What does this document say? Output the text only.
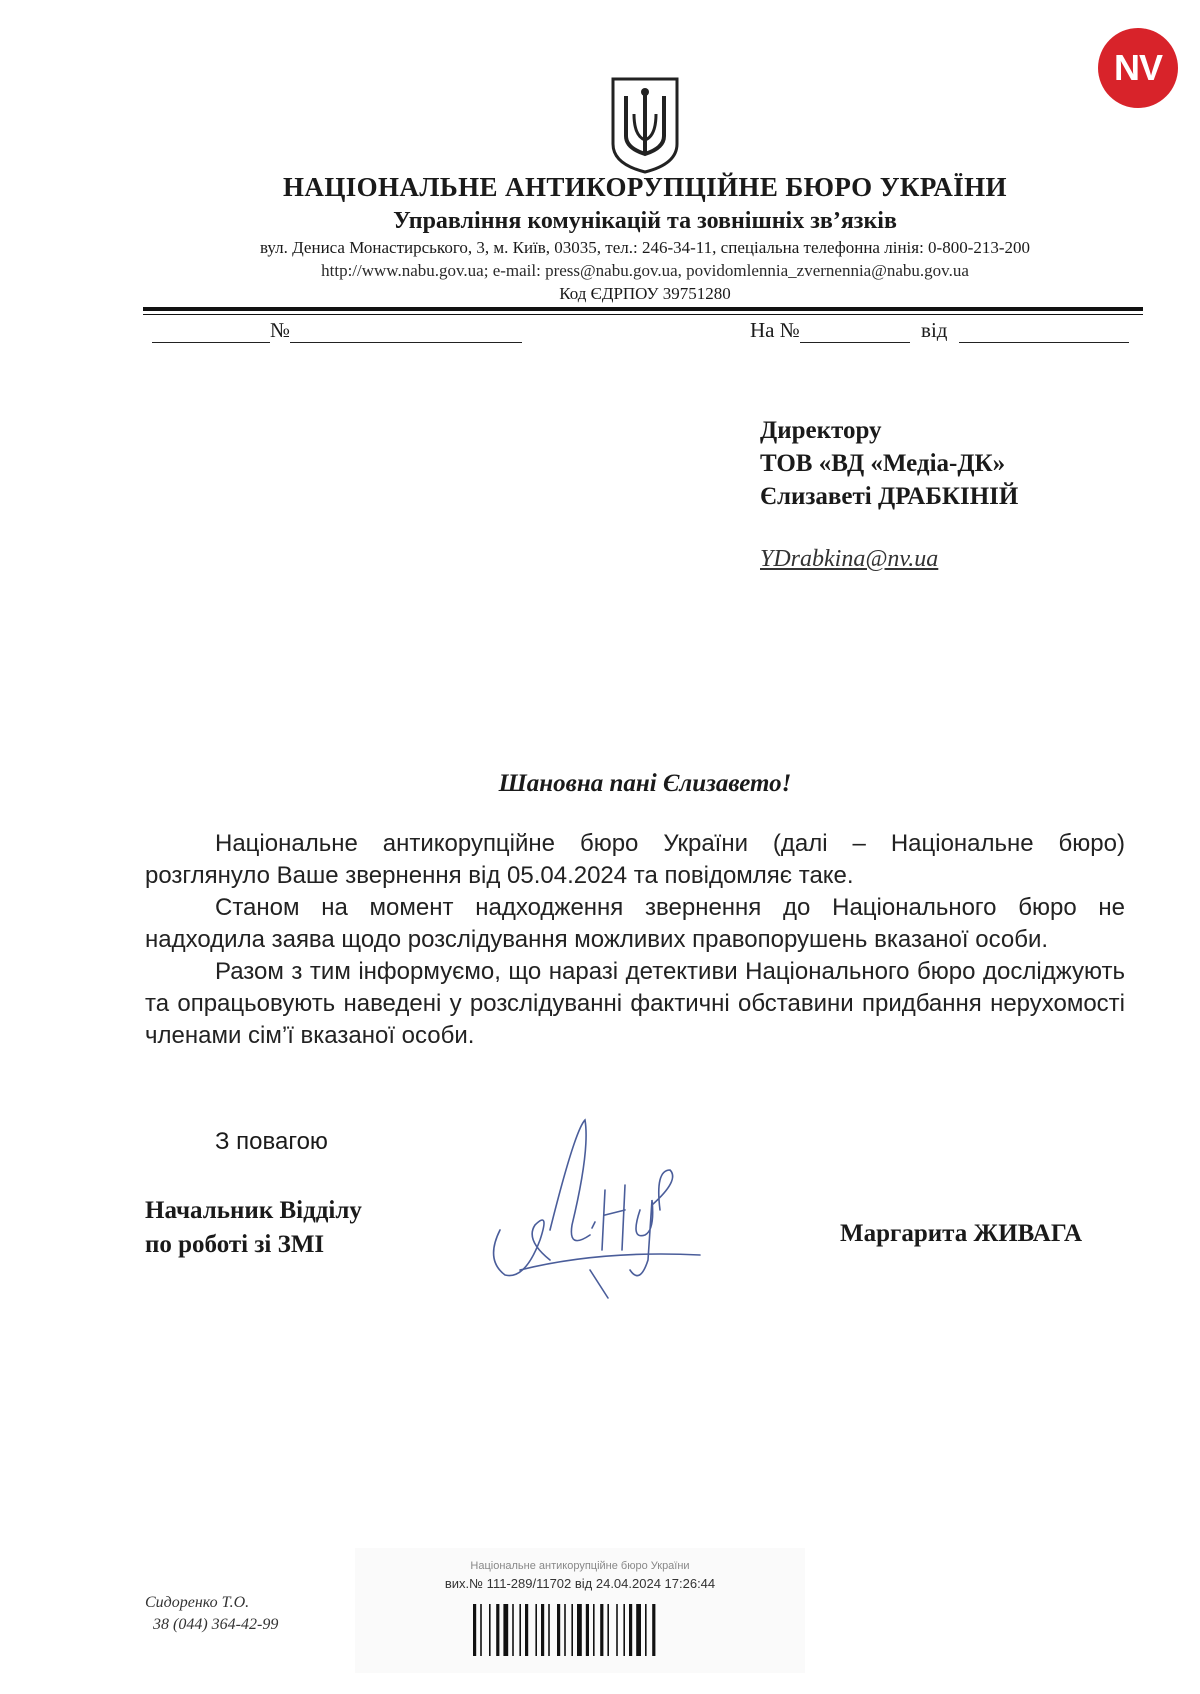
NV
НАЦІОНАЛЬНЕ АНТИКОРУПЦІЙНЕ БЮРО УКРАЇНИ
Управління комунікацій та зовнішніх зв’язків
вул. Дениса Монастирського, 3, м. Київ, 03035, тел.: 246-34-11, спеціальна телефонна лінія: 0-800-213-200
http://www.nabu.gov.ua; e-mail: press@nabu.gov.ua, povidomlennia_zvernennia@nabu.gov.ua
Код ЄДРПОУ 39751280
№	На №	від
Директору
ТОВ «ВД «Медіа-ДК»
Єлизаветі ДРАБКІНІЙ
YDrabkina@nv.ua
Шановна пані Єлизавето!

Національне антикорупційне бюро України (далі – Національне бюро) розглянуло Ваше звернення від 05.04.2024 та повідомляє таке.

Станом на момент надходження звернення до Національного бюро не надходила заява щодо розслідування можливих правопорушень вказаної особи.

Разом з тим інформуємо, що наразі детективи Національного бюро досліджують та опрацьовують наведені у розслідуванні фактичні обставини придбання нерухомості членами сім’ї вказаної особи.

З повагою
Начальник Відділу
по роботі зі ЗМІ	Маргарита ЖИВАГА
Сидоренко Т.О.
38 (044) 364-42-99
Національне антикорупційне бюро України
вих.№ 111-289/11702 від 24.04.2024 17:26:44
